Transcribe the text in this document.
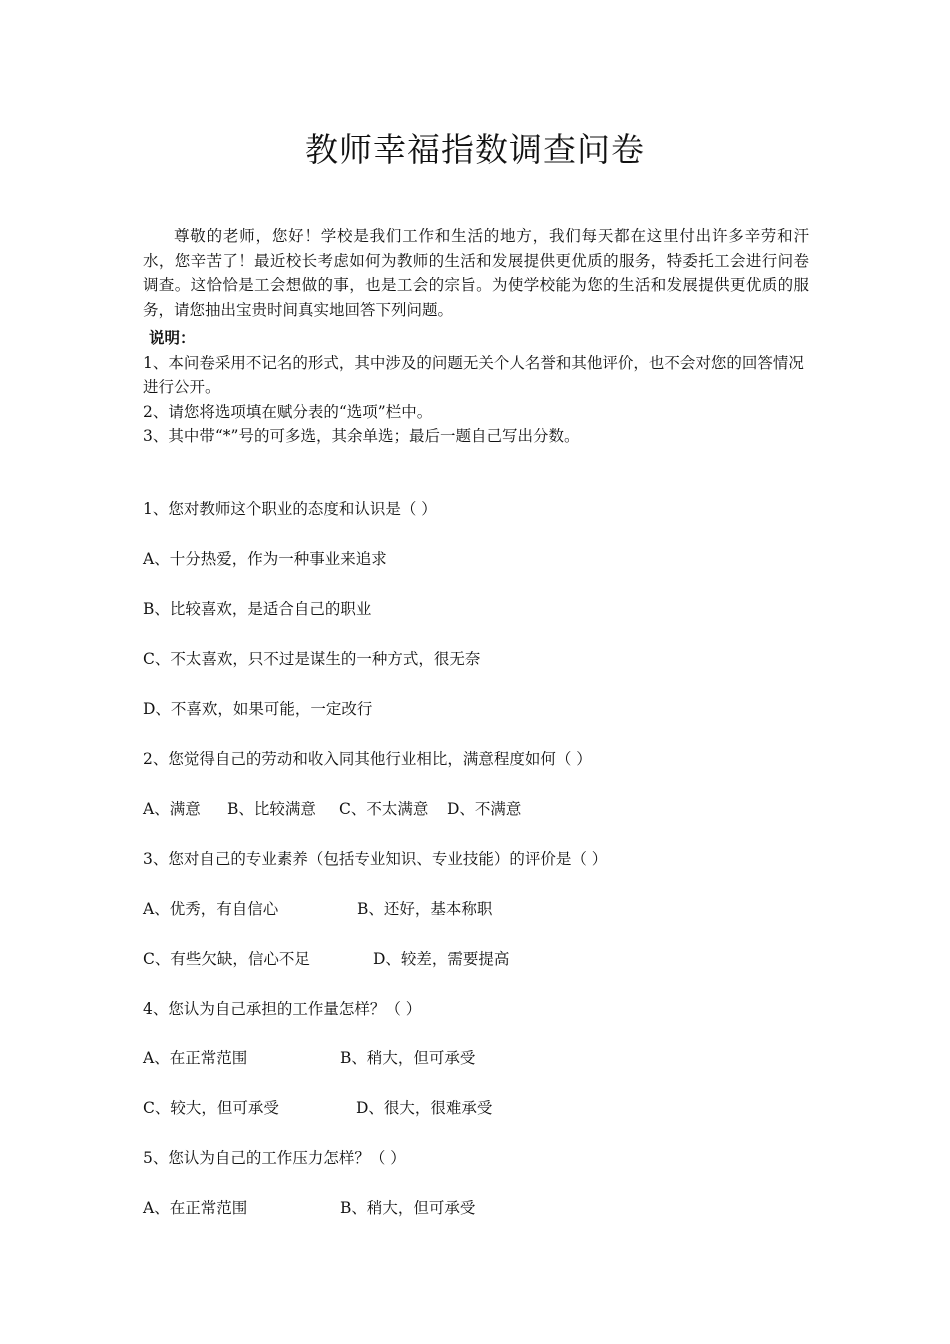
教师幸福指数调查问卷
尊敬的老师，您好！学校是我们工作和生活的地方，我们每天都在这里付出许多辛劳和汗水，您辛苦了！最近校长考虑如何为教师的生活和发展提供更优质的服务，特委托工会进行问卷调查。这恰恰是工会想做的事，也是工会的宗旨。为使学校能为您的生活和发展提供更优质的服务，请您抽出宝贵时间真实地回答下列问题。
说明：

1、本问卷采用不记名的形式，其中涉及的问题无关个人名誉和其他评价，也不会对您的回答情况进行公开。

2、请您将选项填在赋分表的“选项”栏中。

3、其中带“*”号的可多选，其余单选；最后一题自己写出分数。

1、您对教师这个职业的态度和认识是（ ）
A、十分热爱，作为一种事业来追求
B、比较喜欢，是适合自己的职业
C、不太喜欢，只不过是谋生的一种方式，很无奈
D、不喜欢，如果可能，一定改行
2、您觉得自己的劳动和收入同其他行业相比，满意程度如何（ ）
A、满意 B、比较满意 C、不太满意 D、不满意
3、您对自己的专业素养（包括专业知识、专业技能）的评价是（ ）
A、优秀，有自信心	B、还好，基本称职
C、有些欠缺，信心不足	D、较差，需要提高
4、您认为自己承担的工作量怎样？（ ）
A、在正常范围	B、稍大，但可承受
C、较大，但可承受	D、很大，很难承受
5、您认为自己的工作压力怎样？（ ）
A、在正常范围	B、稍大，但可承受
